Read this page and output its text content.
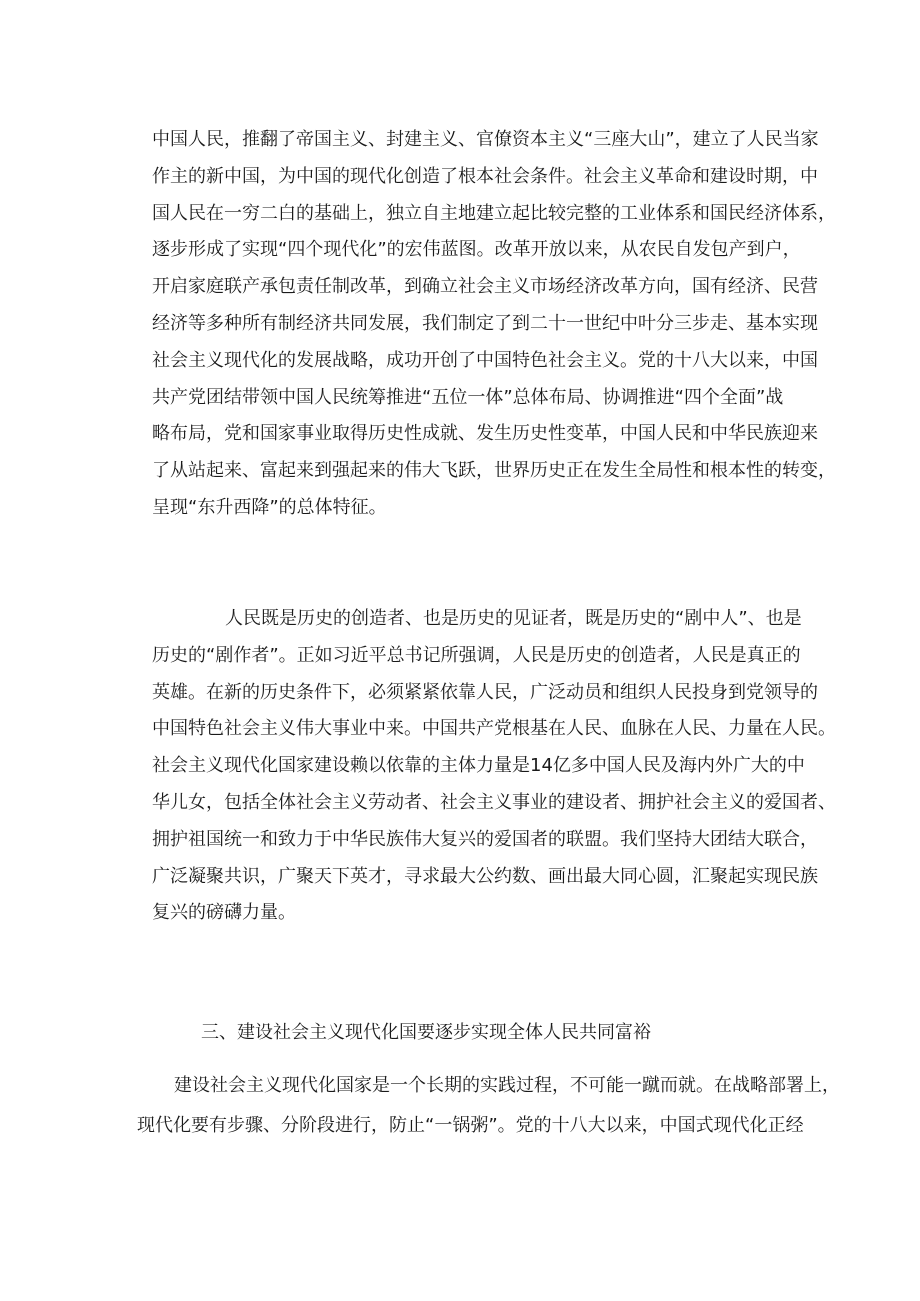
中国人民，推翻了帝国主义、封建主义、官僚资本主义“三座大山”，建立了人民当家
作主的新中国，为中国的现代化创造了根本社会条件。社会主义革命和建设时期，中
国人民在一穷二白的基础上，独立自主地建立起比较完整的工业体系和国民经济体系，
逐步形成了实现“四个现代化”的宏伟蓝图。改革开放以来，从农民自发包产到户，
开启家庭联产承包责任制改革，到确立社会主义市场经济改革方向，国有经济、民营
经济等多种所有制经济共同发展，我们制定了到二十一世纪中叶分三步走、基本实现
社会主义现代化的发展战略，成功开创了中国特色社会主义。党的十八大以来，中国
共产党团结带领中国人民统筹推进“五位一体”总体布局、协调推进“四个全面”战
略布局，党和国家事业取得历史性成就、发生历史性变革，中国人民和中华民族迎来
了从站起来、富起来到强起来的伟大飞跃，世界历史正在发生全局性和根本性的转变，
呈现“东升西降”的总体特征。

人民既是历史的创造者、也是历史的见证者，既是历史的“剧中人”、也是
历史的“剧作者”。正如习近平总书记所强调，人民是历史的创造者，人民是真正的
英雄。在新的历史条件下，必须紧紧依靠人民，广泛动员和组织人民投身到党领导的
中国特色社会主义伟大事业中来。中国共产党根基在人民、血脉在人民、力量在人民。
社会主义现代化国家建设赖以依靠的主体力量是14亿多中国人民及海内外广大的中
华儿女，包括全体社会主义劳动者、社会主义事业的建设者、拥护社会主义的爱国者、
拥护祖国统一和致力于中华民族伟大复兴的爱国者的联盟。我们坚持大团结大联合，
广泛凝聚共识，广聚天下英才，寻求最大公约数、画出最大同心圆，汇聚起实现民族
复兴的磅礴力量。

三、建设社会主义现代化国要逐步实现全体人民共同富裕

建设社会主义现代化国家是一个长期的实践过程，不可能一蹴而就。在战略部署上，
现代化要有步骤、分阶段进行，防止“一锅粥”。党的十八大以来，中国式现代化正经
